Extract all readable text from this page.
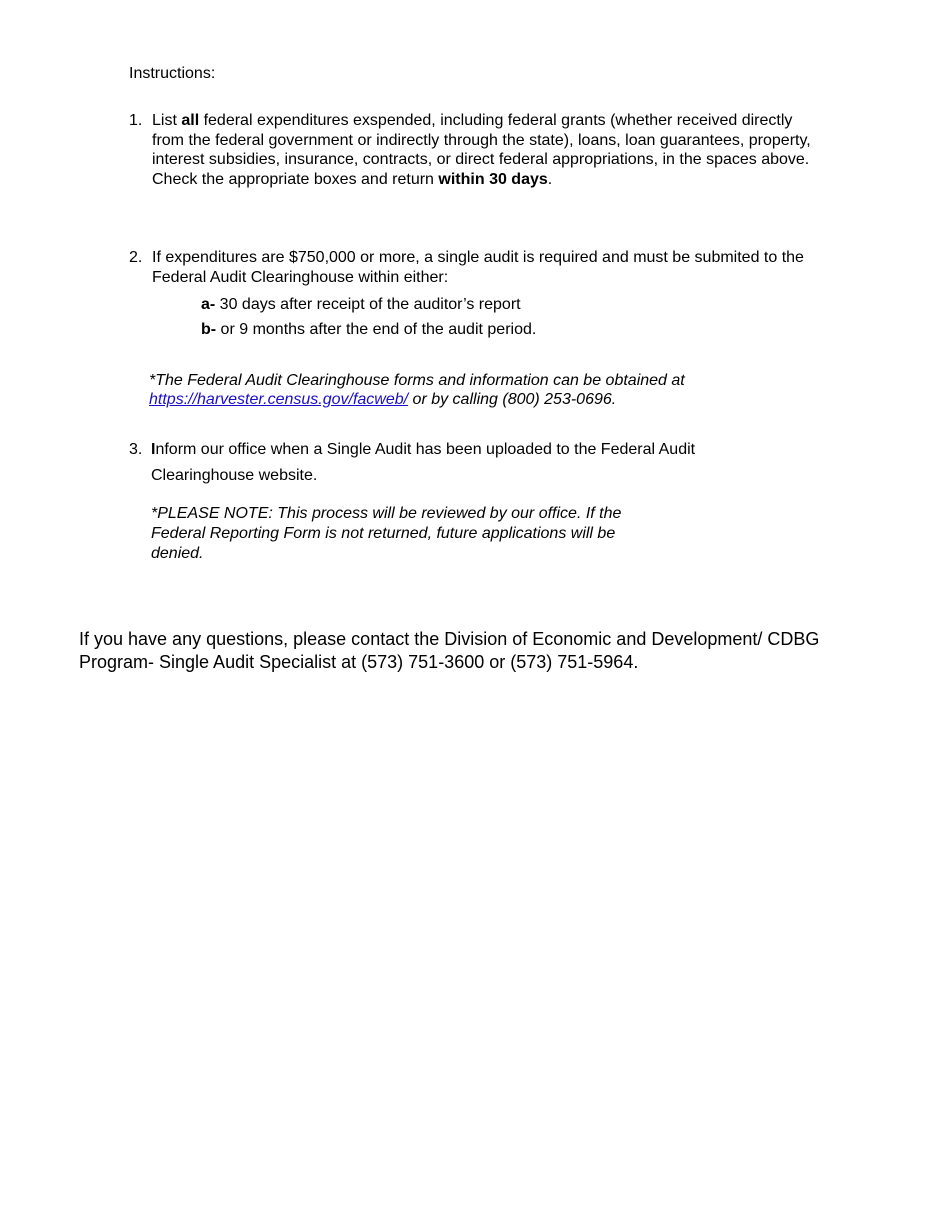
Instructions:
1. List all federal expenditures exspended, including federal grants (whether received directly from the federal government or indirectly through the state), loans, loan guarantees, property, interest subsidies, insurance, contracts, or direct federal appropriations, in the spaces above. Check the appropriate boxes and return within 30 days.
2. If expenditures are $750,000 or more, a single audit is required and must be submited to the Federal Audit Clearinghouse within either:
a- 30 days after receipt of the auditor’s report
b- or 9 months after the end of the audit period.
*The Federal Audit Clearinghouse forms and information can be obtained at
https://harvester.census.gov/facweb/ or by calling (800) 253-0696.
3. Inform our office when a Single Audit has been uploaded to the Federal Audit Clearinghouse website.
*PLEASE NOTE: This process will be reviewed by our office. If the Federal Reporting Form is not returned, future applications will be denied.
If you have any questions, please contact the Division of Economic and Development/ CDBG Program- Single Audit Specialist at (573) 751-3600 or (573) 751-5964.
